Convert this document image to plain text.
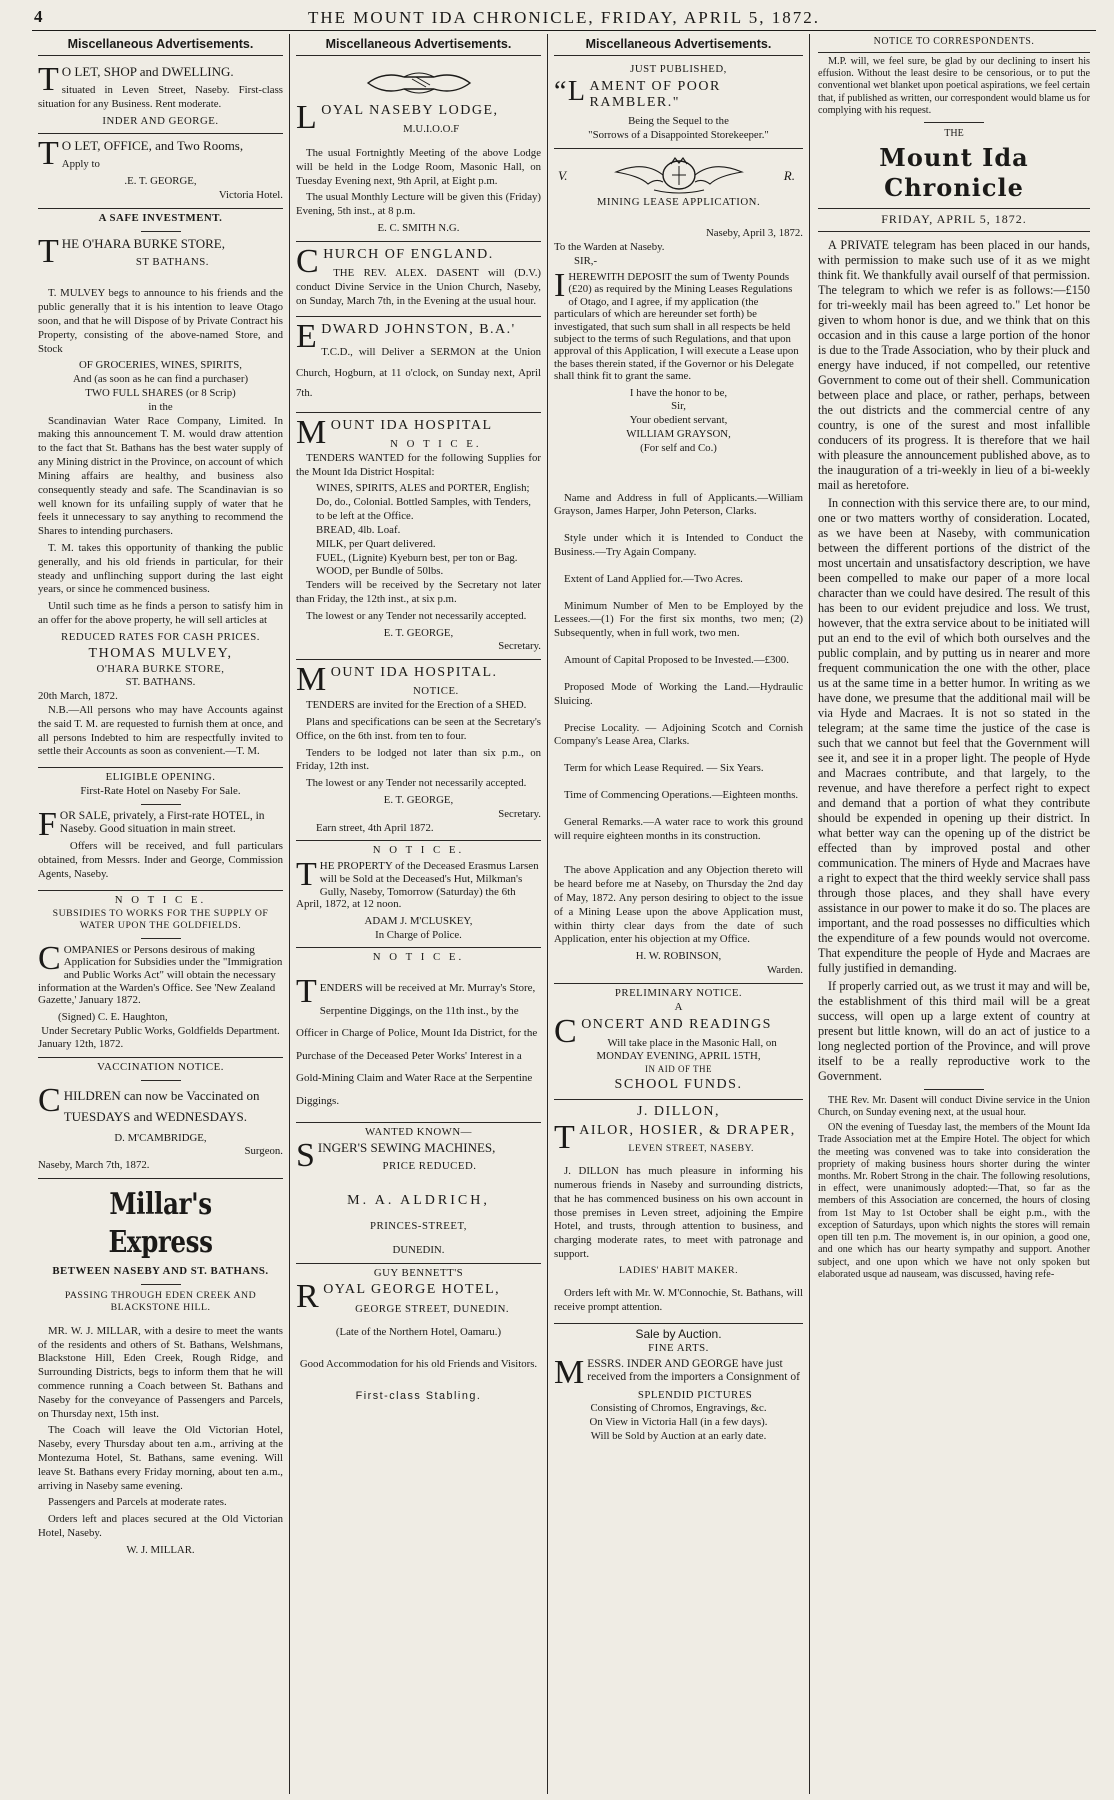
4	THE MOUNT IDA CHRONICLE, FRIDAY, APRIL 5, 1872.
Miscellaneous Advertisements.
T O LET, SHOP and DWELLING.

situated in Leven Street, Naseby. First-class situation for any Business. Rent moderate.

INDER AND GEORGE.
T O LET, OFFICE, and Two Rooms,

Apply to

.E. T. GEORGE,
Victoria Hotel.
A SAFE INVESTMENT.
THE O'HARA BURKE STORE,
ST BATHANS.

T. MULVEY begs to announce to his friends and the public generally that it is his intention to leave Otago soon, and that he will Dispose of by Private Contract his Property, consisting of the above-named Store, and Stock

OF GROCERIES, WINES, SPIRITS,
And (as soon as he can find a purchaser)
TWO FULL SHARES (or 8 Scrip)
in the

Scandinavian Water Race Company, Limited. In making this announcement T. M. would draw attention to the fact that St. Bathans has the best water supply of any Mining district in the Province, on account of which Mining affairs are healthy, and business also consequently steady and safe. The Scandinavian is so well known for its unfailing supply of water that he feels it unnecessary to say anything to recommend the Shares to intending purchasers.

T. M. takes this opportunity of thanking the public generally, and his old friends in particular, for their steady and unflinching support during the last eight years, or since he commenced business.

Until such time as he finds a person to satisfy him in an offer for the above property, he will sell articles at

REDUCED RATES FOR CASH PRICES.
THOMAS MULVEY,
O'HARA BURKE STORE,
ST. BATHANS.
20th March, 1872.

N.B.—All persons who may have Accounts against the said T. M. are requested to furnish them at once, and all persons Indebted to him are respectfully invited to settle their Accounts as soon as convenient.—T. M.

ELIGIBLE OPENING.
First-Rate Hotel on Naseby For Sale.
FOR SALE, privately, a First-rate HOTEL, in Naseby. Good situation in main street.

Offers will be received, and full particulars obtained, from Messrs. Inder and George, Commission Agents, Naseby.

N O T I C E.
SUBSIDIES TO WORKS FOR THE SUPPLY OF WATER UPON THE GOLDFIELDS.
COMPANIES or Persons desirous of making Application for Subsidies under the "Immigration and Public Works Act" will obtain the necessary information at the Warden's Office. See 'New Zealand Gazette,' January 1872.
(Signed) C. E. Haughton,
Under Secretary Public Works, Goldfields Department.
January 12th, 1872.
VACCINATION NOTICE.
CHILDREN can now be Vaccinated on TUESDAYS and WEDNESDAYS.
D. M'CAMBRIDGE,
Surgeon.
Naseby, March 7th, 1872.
Millar's Express
BETWEEN NASEBY AND ST. BATHANS.
PASSING THROUGH EDEN CREEK AND BLACKSTONE HILL.

MR. W. J. MILLAR, with a desire to meet the wants of the residents and others of St. Bathans, Welshmans, Blackstone Hill, Eden Creek, Rough Ridge, and Surrounding Districts, begs to inform them that he will commence running a Coach between St. Bathans and Naseby for the conveyance of Passengers and Parcels, on Thursday next, 15th inst.

The Coach will leave the Old Victorian Hotel, Naseby, every Thursday about ten a.m., arriving at the Montezuma Hotel, St. Bathans, same evening. Will leave St. Bathans every Friday morning, about ten a.m., arriving in Naseby same evening.

Passengers and Parcels at moderate rates.

Orders left and places secured at the Old Victorian Hotel, Naseby.

W. J. MILLAR.
Miscellaneous Advertisements.
LOYAL NASEBY LODGE,
M.U.I.O.O.F

The usual Fortnightly Meeting of the above Lodge will be held in the Lodge Room, Masonic Hall, on Tuesday Evening next, 9th April, at Eight p.m.

The usual Monthly Lecture will be given this (Friday) Evening, 5th inst., at 8 p.m.

E. C. SMITH N.G.
CHURCH OF ENGLAND.

THE REV. ALEX. DASENT will (D.V.) conduct Divine Service in the Union Church, Naseby, on Sunday, March 7th, in the Evening at the usual hour.

EDWARD JOHNSTON, B.A.'

T.C.D., will Deliver a SERMON at the Union Church, Hogburn, at 11 o'clock, on Sunday next, April 7th.

MOUNT IDA HOSPITAL
N O T I C E.

TENDERS WANTED for the following Supplies for the Mount Ida District Hospital:

WINES, SPIRITS, ALES and PORTER, English; Do, do., Colonial. Bottled Samples, with Tenders, to be left at the Office.
BREAD, 4lb. Loaf.
MILK, per Quart delivered.
FUEL, (Lignite) Kyeburn best, per ton or Bag.
WOOD, per Bundle of 50lbs.

Tenders will be received by the Secretary not later than Friday, the 12th inst., at six p.m.

The lowest or any Tender not necessarily accepted.

E. T. GEORGE,
Secretary.
MOUNT IDA HOSPITAL.
NOTICE.

TENDERS are invited for the Erection of a SHED.

Plans and specifications can be seen at the Secretary's Office, on the 6th inst. from ten to four.

Tenders to be lodged not later than six p.m., on Friday, 12th inst.

The lowest or any Tender not necessarily accepted.

E. T. GEORGE,
Secretary.
Earn street, 4th April 1872.
N O T I C E.
THE PROPERTY of the Deceased Erasmus Larsen will be Sold at the Deceased's Hut, Milkman's Gully, Naseby, Tomorrow (Saturday) the 6th April, 1872, at 12 noon.
ADAM J. M'CLUSKEY,
In Charge of Police.
N O T I C E.
TENDERS will be received at Mr. Murray's Store, Serpentine Diggings, on the 11th inst., by the Officer in Charge of Police, Mount Ida District, for the Purchase of the Deceased Peter Works' Interest in a Gold-Mining Claim and Water Race at the Serpentine Diggings.
WANTED KNOWN—
SINGER'S SEWING MACHINES,
PRICE REDUCED.
M. A. ALDRICH,
PRINCES-STREET,
DUNEDIN.
GUY BENNETT'S
ROYAL GEORGE HOTEL,
GEORGE STREET, DUNEDIN.
(Late of the Northern Hotel, Oamaru.)
Good Accommodation for his old Friends and Visitors.
First-class Stabling.
Miscellaneous Advertisements.
JUST PUBLISHED,
“LAMENT OF POOR RAMBLER."
Being the Sequel to the
"Sorrows of a Disappointed Storekeeper."
V.	R.
MINING LEASE APPLICATION.
Naseby, April 3, 1872.
To the Warden at Naseby.
SIR,-
IHEREWITH DEPOSIT the sum of Twenty Pounds (£20) as required by the Mining Leases Regulations of Otago, and I agree, if my application (the particulars of which are hereunder set forth) be investigated, that such sum shall in all respects be held subject to the terms of such Regulations, and that upon approval of this Application, I will execute a Lease upon the bases therein stated, if the Governor or his Delegate shall think fit to grant the same.
I have the honor to be,
Sir,
Your obedient servant,
WILLIAM GRAYSON,
(For self and Co.)

Name and Address in full of Applicants.—William Grayson, James Harper, John Peterson, Clarks.

Style under which it is Intended to Conduct the Business.—Try Again Company.

Extent of Land Applied for.—Two Acres.

Minimum Number of Men to be Employed by the Lessees.—(1) For the first six months, two men; (2) Subsequently, when in full work, two men.

Amount of Capital Proposed to be Invested.—£300.

Proposed Mode of Working the Land.—Hydraulic Sluicing.

Precise Locality. — Adjoining Scotch and Cornish Company's Lease Area, Clarks.

Term for which Lease Required. — Six Years.

Time of Commencing Operations.—Eighteen months.

General Remarks.—A water race to work this ground will require eighteen months in its construction.

The above Application and any Objection thereto will be heard before me at Naseby, on Thursday the 2nd day of May, 1872. Any person desiring to object to the issue of a Mining Lease upon the above Application must, within thirty clear days from the date of such Application, enter his objection at my Office.

H. W. ROBINSON,
Warden.
PRELIMINARY NOTICE.
A
CONCERT AND READINGS
Will take place in the Masonic Hall, on
MONDAY EVENING, APRIL 15TH,
IN AID OF THE
SCHOOL FUNDS.
J. DILLON,
TAILOR, HOSIER, & DRAPER,
LEVEN STREET, NASEBY.

J. DILLON has much pleasure in informing his numerous friends in Naseby and surrounding districts, that he has commenced business on his own account in those premises in Leven street, adjoining the Empire Hotel, and trusts, through attention to business, and charging moderate rates, to meet with patronage and support.

LADIES' HABIT MAKER.

Orders left with Mr. W. M'Connochie, St. Bathans, will receive prompt attention.

Sale by Auction.
FINE ARTS.
MESSRS. INDER AND GEORGE have just received from the importers a Consignment of
SPLENDID PICTURES
Consisting of Chromos, Engravings, &c.
On View in Victoria Hall (in a few days).
Will be Sold by Auction at an early date.
NOTICE TO CORRESPONDENTS.

M.P. will, we feel sure, be glad by our declining to insert his effusion. Without the least desire to be censorious, or to put the conventional wet blanket upon poetical aspirations, we feel certain that, if published as written, our correspondent would blame us for complying with his request.

THE
Mount Ida Chronicle
FRIDAY, APRIL 5, 1872.

A PRIVATE telegram has been placed in our hands, with permission to make such use of it as we might think fit. We thankfully avail ourself of that permission. The telegram to which we refer is as follows:—£150 for tri-weekly mail has been agreed to." Let honor be given to whom honor is due, and we think that on this occasion and in this cause a large portion of the honor is due to the Trade Association, who by their pluck and energy have induced, if not compelled, our retentive Government to come out of their shell. Communication between place and place, or rather, perhaps, between the out districts and the commercial centre of any country, is one of the surest and most infallible conducers of its progress. It is therefore that we hail with pleasure the announcement published above, as to the inauguration of a tri-weekly in lieu of a bi-weekly mail as heretofore.

In connection with this service there are, to our mind, one or two matters worthy of consideration. Located, as we have been at Naseby, with communication between the different portions of the district of the most uncertain and unsatisfactory description, we have been compelled to make our paper of a more local character than we could have desired. The result of this has been to our evident prejudice and loss. We trust, however, that the extra service about to be initiated will put an end to the evil of which both ourselves and the public complain, and by putting us in nearer and more frequent communication the one with the other, place us at the same time in a better humor. In writing as we have done, we presume that the additional mail will be via Hyde and Macraes. It is not so stated in the telegram; at the same time the justice of the case is such that we cannot but feel that the Government will see it, and see it in a proper light. The people of Hyde and Macraes contribute, and that largely, to the revenue, and have therefore a perfect right to expect and demand that a portion of what they contribute should be expended in opening up their district. In what better way can the opening up of the district be effected than by improved postal and other communication. The miners of Hyde and Macraes have a right to expect that the third weekly service shall pass through those places, and they shall have every assistance in our power to make it do so. The places are important, and the road possesses no difficulties which the expenditure of a few pounds would not overcome. That expenditure the people of Hyde and Macraes are fully justified in demanding.

If properly carried out, as we trust it may and will be, the establishment of this third mail will be a great success, will open up a large extent of country at present but little known, will do an act of justice to a long neglected portion of the Province, and will prove itself to be a really reproductive work to the Government.

THE Rev. Mr. Dasent will conduct Divine service in the Union Church, on Sunday evening next, at the usual hour.

ON the evening of Tuesday last, the members of the Mount Ida Trade Association met at the Empire Hotel. The object for which the meeting was convened was to take into consideration the propriety of making business hours shorter during the winter months. Mr. Robert Strong in the chair. The following resolutions, in effect, were unanimously adopted:—That, so far as the members of this Association are concerned, the hours of closing from 1st May to 1st October shall be eight p.m., with the exception of Saturdays, upon which nights the stores will remain open till ten p.m. The movement is, in our opinion, a good one, and one which has our hearty sympathy and support. Another subject, and one upon which we have not only spoken but elaborated usque ad nauseam, was discussed, having refe-
